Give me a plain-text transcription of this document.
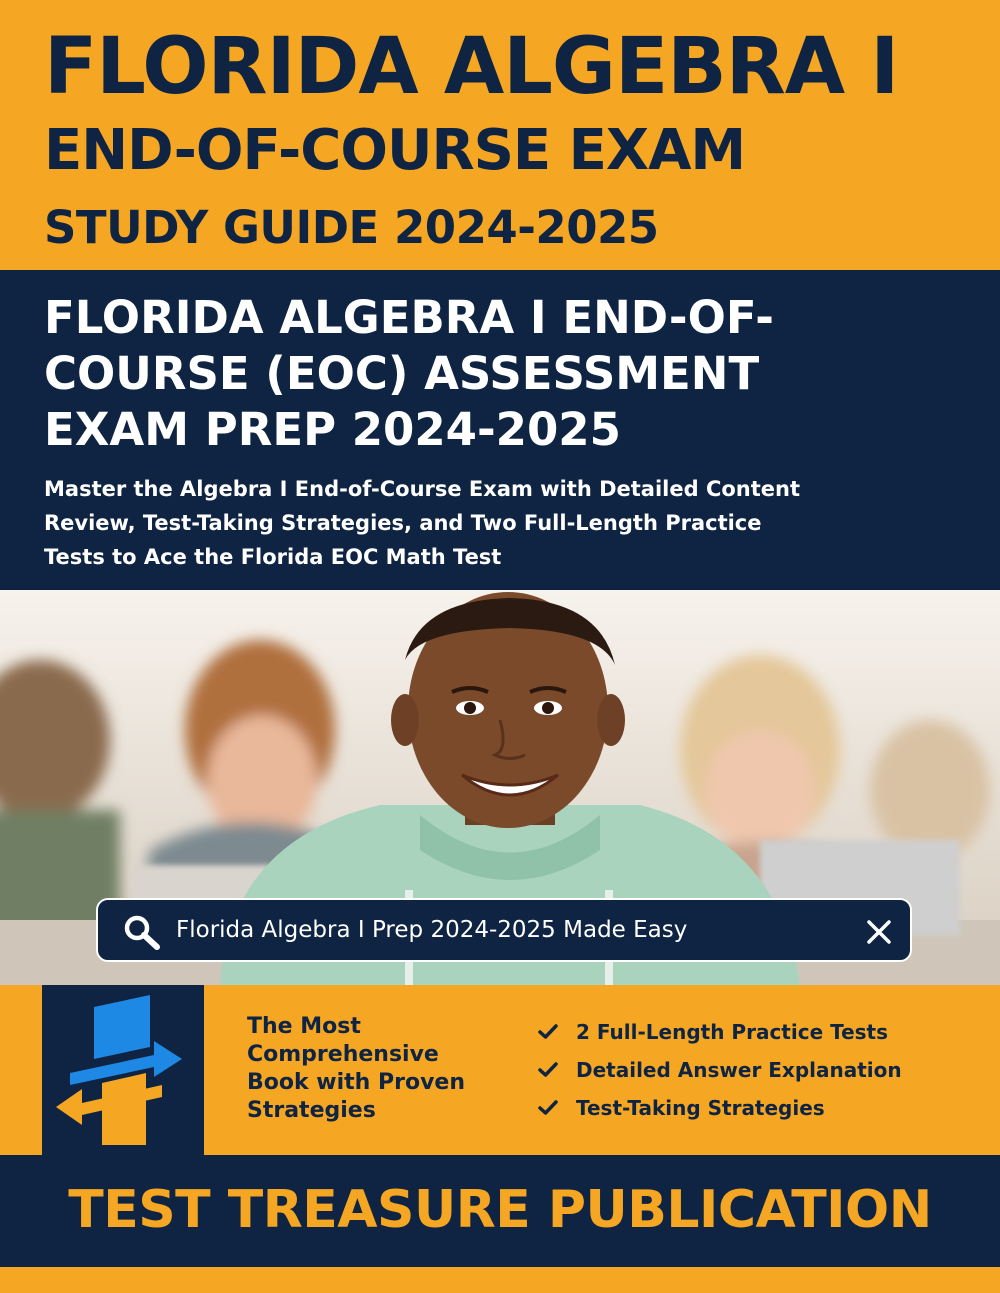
FLORIDA ALGEBRA I
END-OF-COURSE EXAM
STUDY GUIDE 2024-2025
FLORIDA ALGEBRA I END-OF-
COURSE (EOC) ASSESSMENT
EXAM PREP 2024-2025
Master the Algebra I End-of-Course Exam with Detailed Content
Review, Test-Taking Strategies, and Two Full-Length Practice
Tests to Ace the Florida EOC Math Test
Florida Algebra I Prep 2024-2025 Made Easy
The Most
Comprehensive
Book with Proven
Strategies
2 Full-Length Practice Tests
Detailed Answer Explanation
Test-Taking Strategies
TEST TREASURE PUBLICATION
